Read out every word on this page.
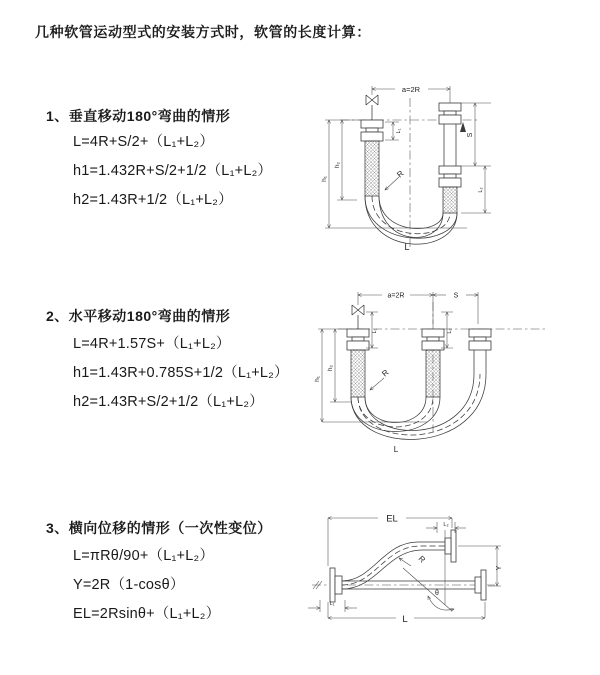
几种软管运动型式的安装方式时，软管的长度计算：
1、垂直移动180°弯曲的情形
L=4R+S/2+（L₁+L₂）
h1=1.432R+S/2+1/2（L₁+L₂）
h2=1.43R+1/2（L₁+L₂）
2、水平移动180°弯曲的情形
L=4R+1.57S+（L₁+L₂）
h1=1.43R+0.785S+1/2（L₁+L₂）
h2=1.43R+S/2+1/2（L₁+L₂）
3、横向位移的情形（一次性变位）
L=πRθ/90+（L₁+L₂）
Y=2R（1-cosθ）
EL=2Rsinθ+（L₁+L₂）
a=2R
h₁
h₂
L₁
S
L₂
R
L
a=2R	S
h₁
h₂
L₁	L₂
R
L
EL
L₂
Y
R
θ
L
L₁
